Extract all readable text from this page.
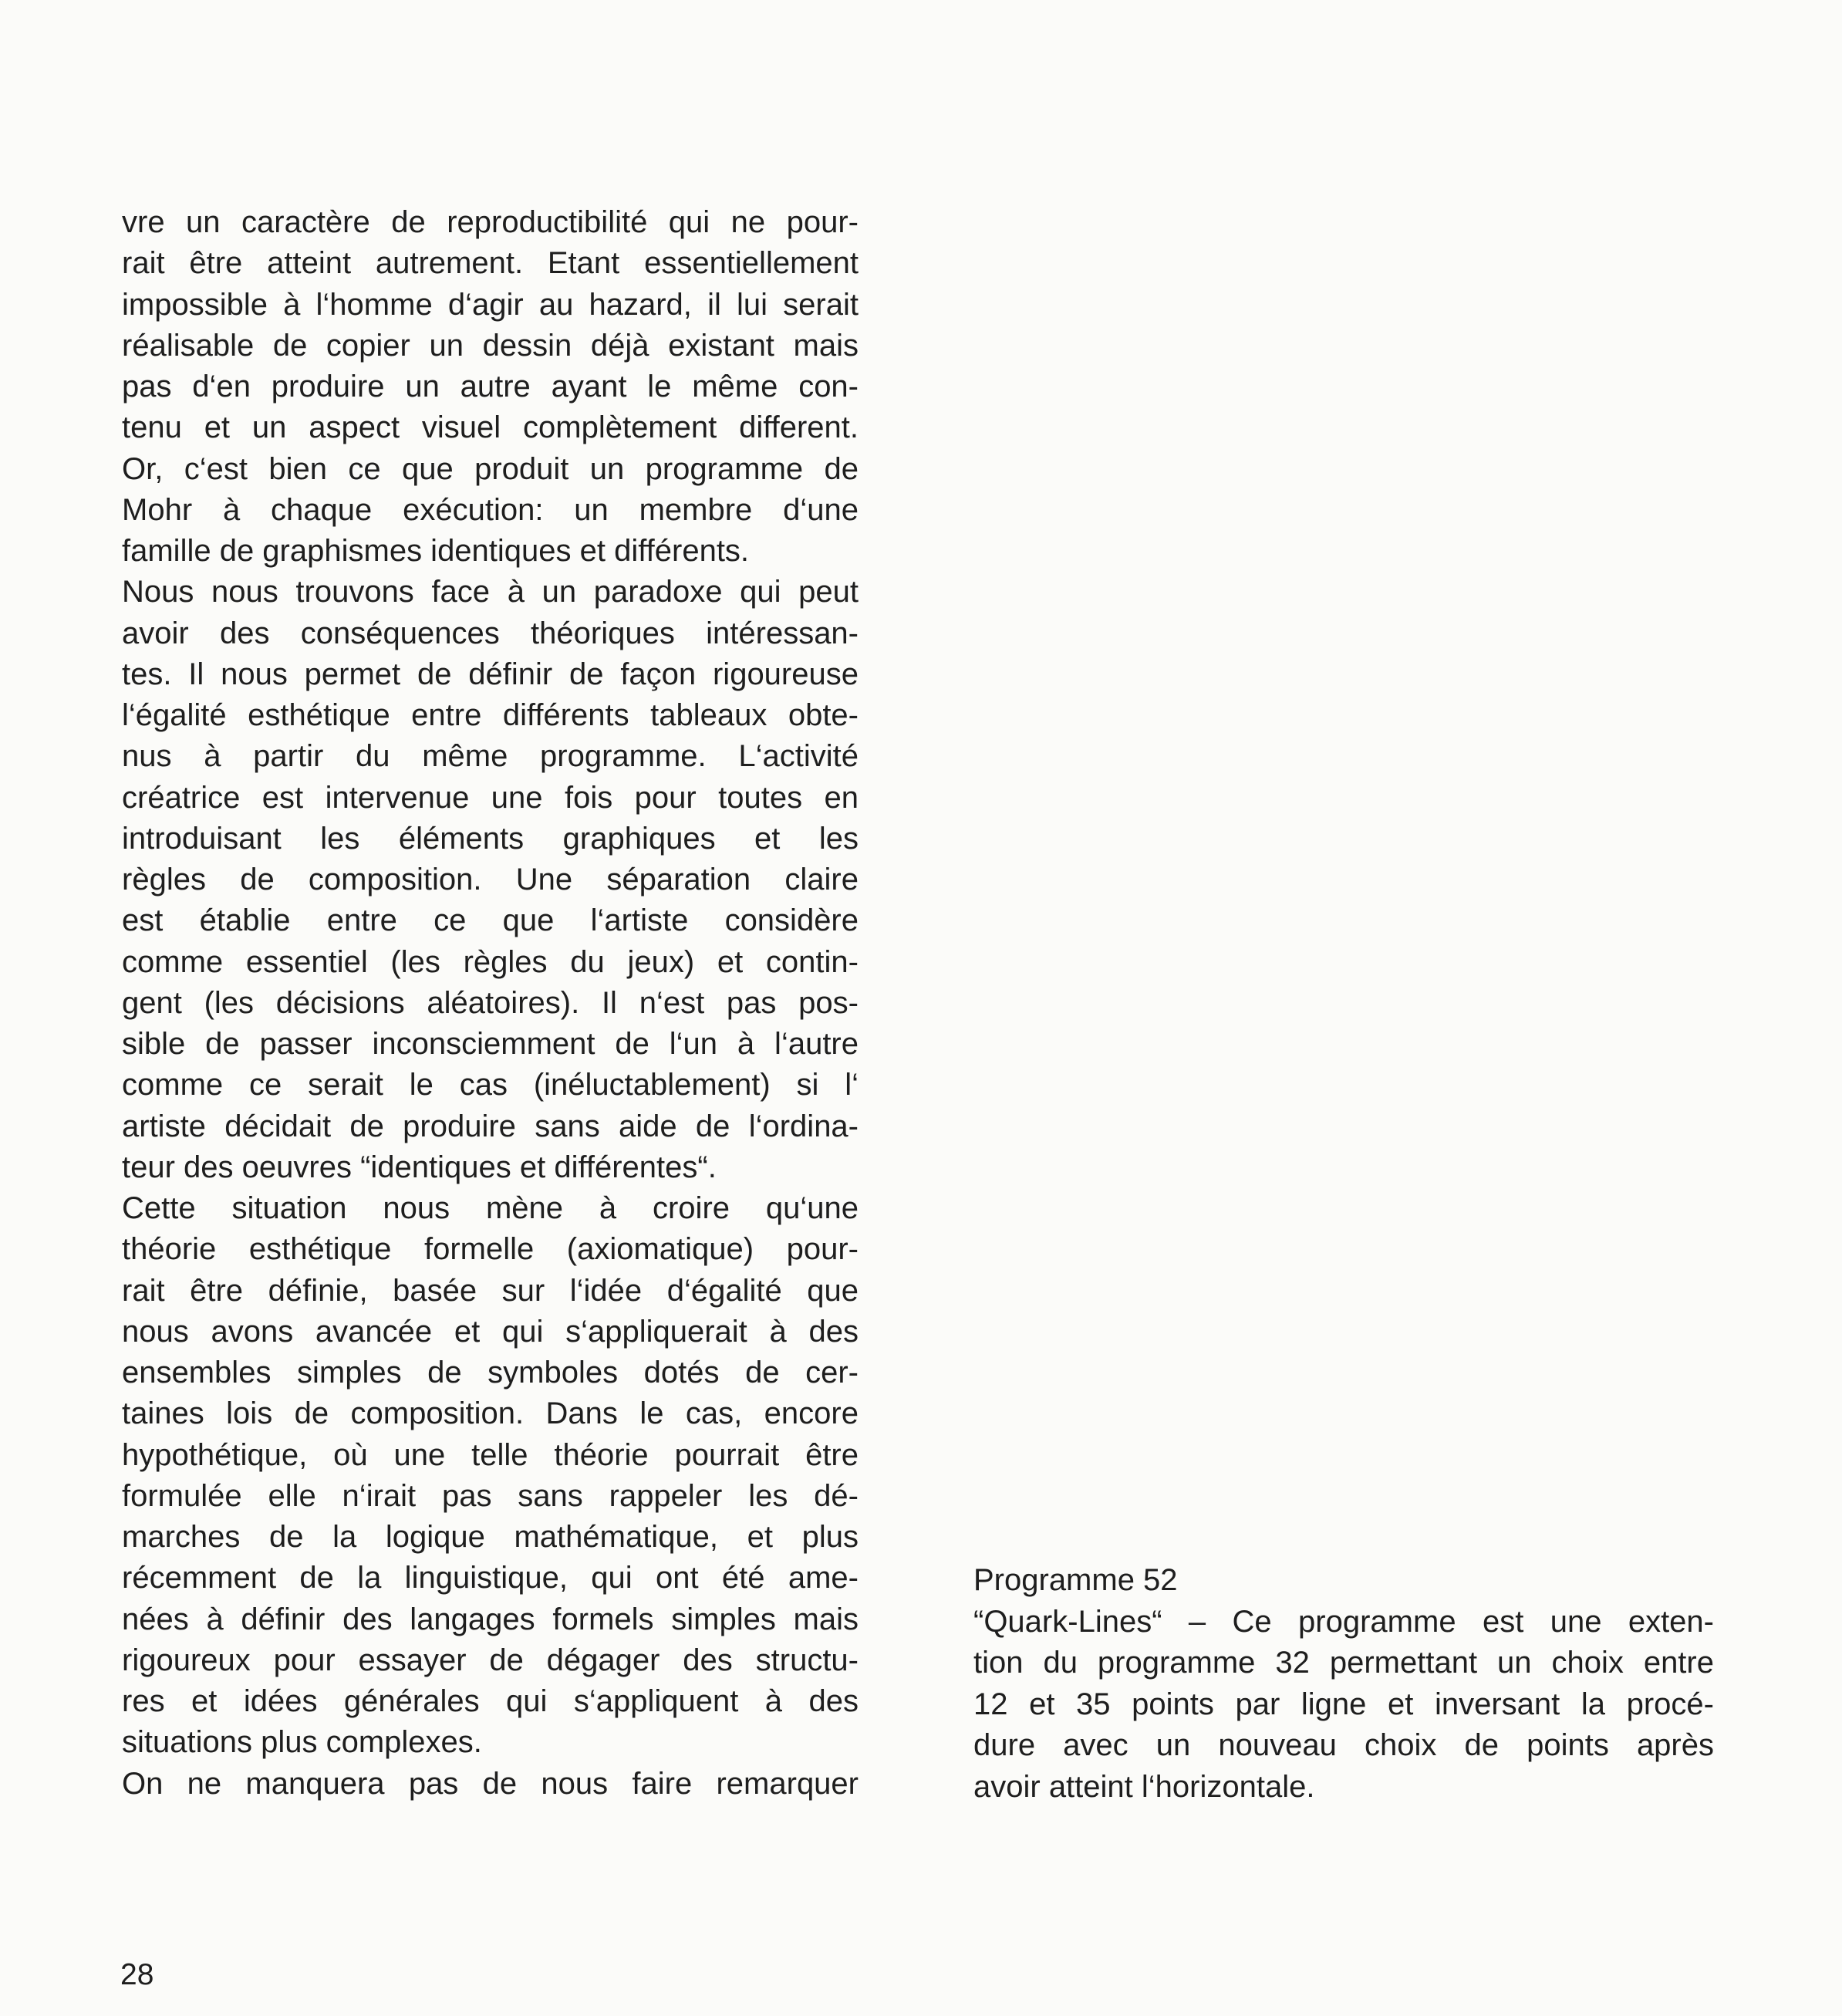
vre un caractère de reproductibilité qui ne pour-
rait être atteint autrement. Etant essentiellement
impossible à l‘homme d‘agir au hazard, il lui serait
réalisable de copier un dessin déjà existant mais
pas d‘en produire un autre ayant le même con-
tenu et un aspect visuel complètement different.
Or, c‘est bien ce que produit un programme de
Mohr à chaque exécution: un membre d‘une
famille de graphismes identiques et différents.
Nous nous trouvons face à un paradoxe qui peut
avoir des conséquences théoriques intéressan-
tes. Il nous permet de définir de façon rigoureuse
l‘égalité esthétique entre différents tableaux obte-
nus à partir du même programme. L‘activité
créatrice est intervenue une fois pour toutes en
introduisant les éléments graphiques et les
règles de composition. Une séparation claire
est établie entre ce que l‘artiste considère
comme essentiel (les règles du jeux) et contin-
gent (les décisions aléatoires). Il n‘est pas pos-
sible de passer inconsciemment de l‘un à l‘autre
comme ce serait le cas (inéluctablement) si l‘
artiste décidait de produire sans aide de l‘ordina-
teur des oeuvres “identiques et différentes“.
Cette situation nous mène à croire qu‘une
théorie esthétique formelle (axiomatique) pour-
rait être définie, basée sur l‘idée d‘égalité que
nous avons avancée et qui s‘appliquerait à des
ensembles simples de symboles dotés de cer-
taines lois de composition. Dans le cas, encore
hypothétique, où une telle théorie pourrait être
formulée elle n‘irait pas sans rappeler les dé-
marches de la logique mathématique, et plus
récemment de la linguistique, qui ont été ame-
nées à définir des langages formels simples mais
rigoureux pour essayer de dégager des structu-
res et idées générales qui s‘appliquent à des
situations plus complexes.
On ne manquera pas de nous faire remarquer
Programme 52
“Quark-Lines“ – Ce programme est une exten-
tion du programme 32 permettant un choix entre
12 et 35 points par ligne et inversant la procé-
dure avec un nouveau choix de points après
avoir atteint l‘horizontale.
28
